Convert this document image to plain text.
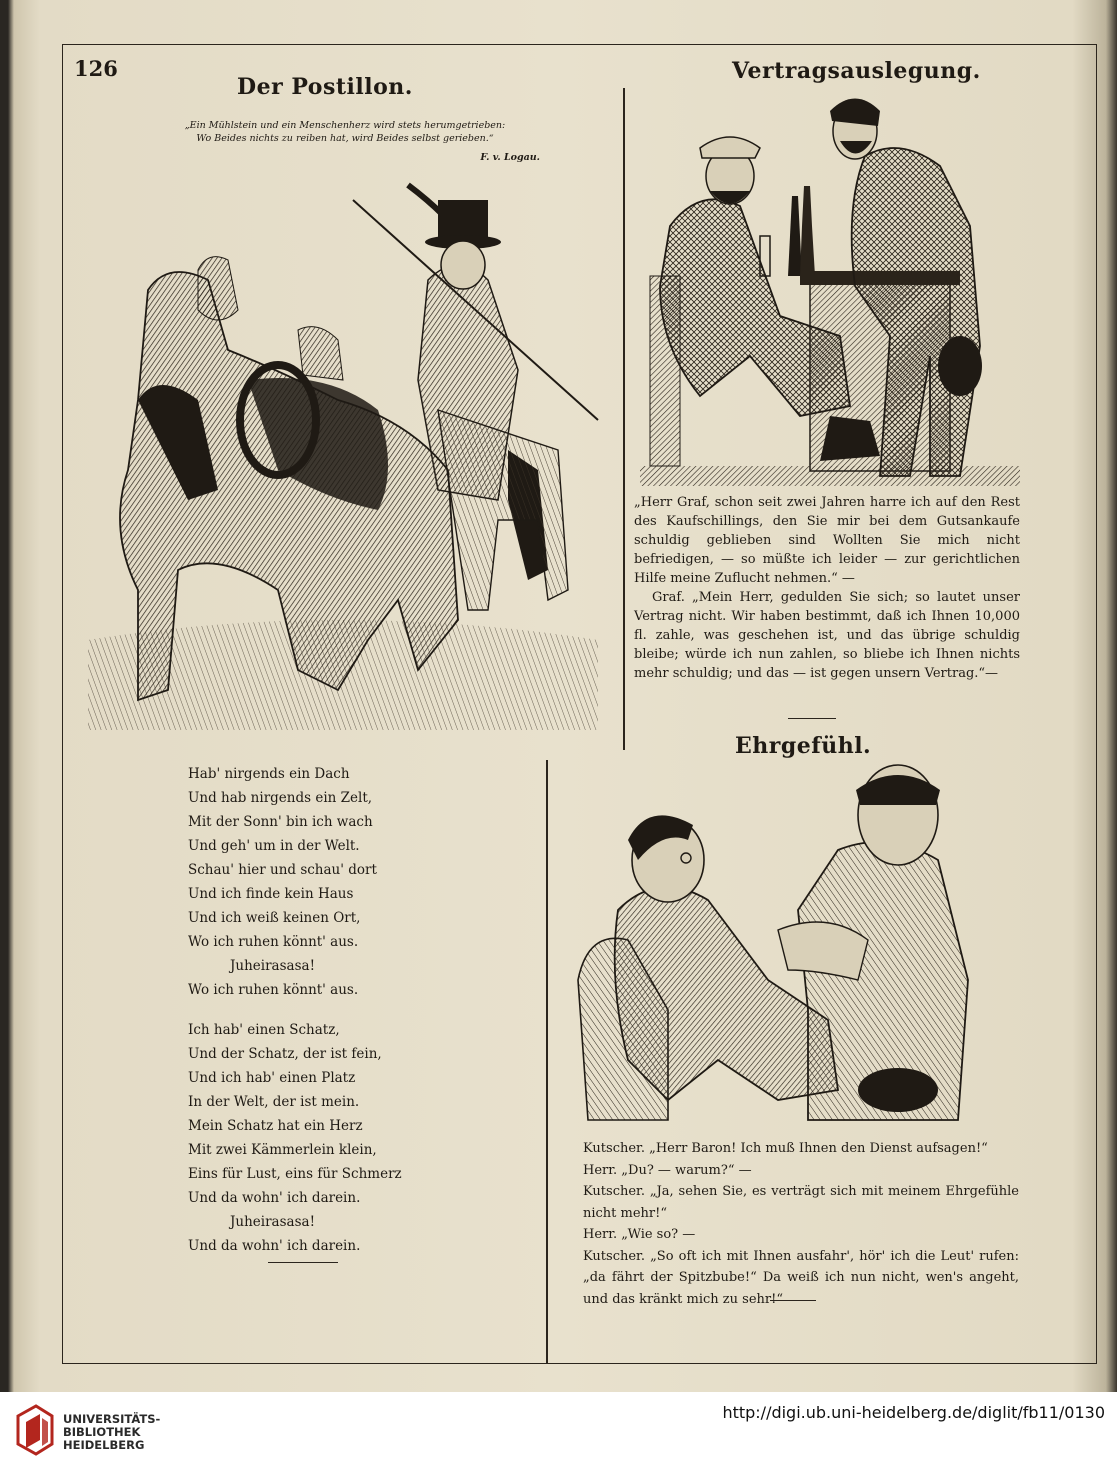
126
Der Postillon.
„Ein Mühlstein und ein Menschenherz wird stets herumgetrieben:
Wo Beides nichts zu reiben hat, wird Beides selbst gerieben.“
F. v. Logau.
Vertragsauslegung.

„Herr Graf, schon seit zwei Jahren harre ich auf den Rest des Kaufschillings, den Sie mir bei dem Gutsankaufe schuldig geblieben sind Wollten Sie mich nicht befriedigen, — so müßte ich leider — zur gerichtlichen Hilfe meine Zuflucht nehmen.“ —

Graf. „Mein Herr, gedulden Sie sich; so lautet unser Vertrag nicht. Wir haben bestimmt, daß ich Ihnen 10,000 fl. zahle, was geschehen ist, und das übrige schuldig bleibe; würde ich nun zahlen, so bliebe ich Ihnen nichts mehr schuldig; und das — ist gegen unsern Vertrag.“—

Ehrgefühl.

Kutscher. „Herr Baron! Ich muß Ihnen den Dienst aufsagen!“

Herr. „Du? — warum?“ —

Kutscher. „Ja, sehen Sie, es verträgt sich mit meinem Ehrgefühle nicht mehr!“

Herr. „Wie so? —

Kutscher. „So oft ich mit Ihnen ausfahr', hör' ich die Leut' rufen: „da fährt der Spitzbube!“ Da weiß ich nun nicht, wen's angeht, und das kränkt mich zu sehr!“

Hab' nirgends ein Dach
Und hab nirgends ein Zelt,
Mit der Sonn' bin ich wach
Und geh' um in der Welt.
Schau' hier und schau' dort
Und ich finde kein Haus
Und ich weiß keinen Ort,
Wo ich ruhen könnt' aus.
Juheirasasa!
Wo ich ruhen könnt' aus.
Ich hab' einen Schatz,
Und der Schatz, der ist fein,
Und ich hab' einen Platz
In der Welt, der ist mein.
Mein Schatz hat ein Herz
Mit zwei Kämmerlein klein,
Eins für Lust, eins für Schmerz
Und da wohn' ich darein.
Juheirasasa!
Und da wohn' ich darein.
UNIVERSITÄTS-
BIBLIOTHEK
HEIDELBERG
http://digi.ub.uni-heidelberg.de/diglit/fb11/0130
